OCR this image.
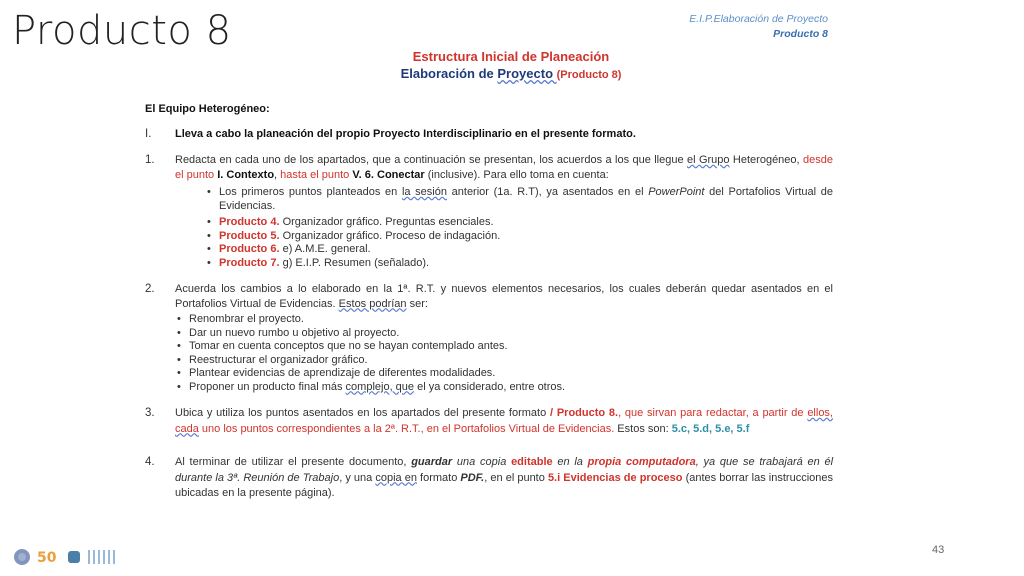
Producto 8	E.I.P.Elaboración de Proyecto
Producto 8
Estructura Inicial de Planeación
Elaboración de Proyecto (Producto 8)
El Equipo Heterogéneo:
I.	Lleva a cabo la planeación del propio Proyecto Interdisciplinario en el presente formato.
1.	Redacta en cada uno de los apartados, que a continuación se presentan, los acuerdos a los que llegue el Grupo Heterogéneo, desde el punto I. Contexto, hasta el punto V. 6. Conectar (inclusive). Para ello toma en cuenta:
• Los primeros puntos planteados en la sesión anterior (1a. R.T), ya asentados en el PowerPoint del Portafolios Virtual de Evidencias.
• Producto 4. Organizador gráfico. Preguntas esenciales.
• Producto 5. Organizador gráfico. Proceso de indagación.
• Producto 6. e) A.M.E. general.
• Producto 7. g) E.I.P. Resumen (señalado).
2.	Acuerda los cambios a lo elaborado en la 1ª. R.T. y nuevos elementos necesarios, los cuales deberán quedar asentados en el Portafolios Virtual de Evidencias. Estos podrían ser:
• Renombrar el proyecto.
• Dar un nuevo rumbo u objetivo al proyecto.
• Tomar en cuenta conceptos que no se hayan contemplado antes.
• Reestructurar el organizador gráfico.
• Plantear evidencias de aprendizaje de diferentes modalidades.
• Proponer un producto final más complejo, que el ya considerado, entre otros.
3.	Ubica y utiliza los puntos asentados en los apartados del presente formato / Producto 8., que sirvan para redactar, a partir de ellos, cada uno los puntos correspondientes a la 2ª. R.T., en el Portafolios Virtual de Evidencias. Estos son: 5.c, 5.d, 5.e, 5.f
4.	Al terminar de utilizar el presente documento, guardar una copia editable en la propia computadora, ya que se trabajará en él durante la 3ª. Reunión de Trabajo, y una copia en formato PDF., en el punto 5.i Evidencias de proceso (antes borrar las instrucciones ubicadas en la presente página).
50	43
